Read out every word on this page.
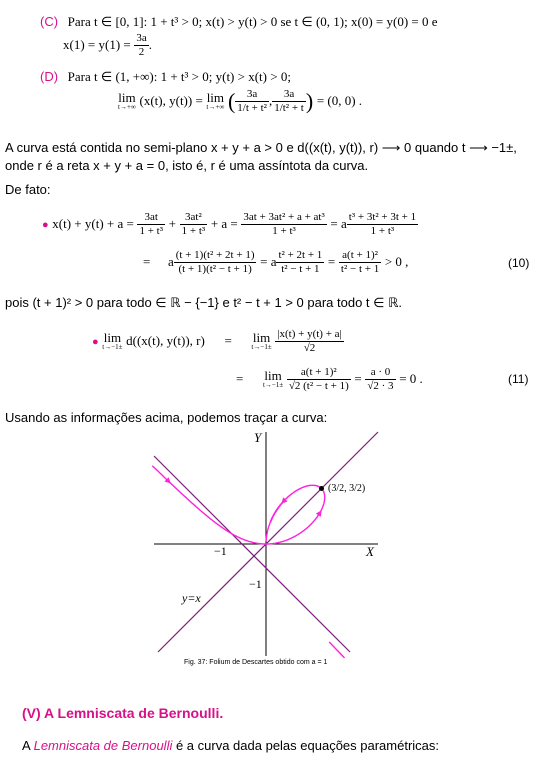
(C) Para t ∈ [0, 1]: 1 + t³ > 0; x(t) > y(t) > 0 se t ∈ (0, 1); x(0) = y(0) = 0 e
$x(1) = y(1) = \frac{3a}{2}$ .
(D) Para t ∈ (1, +∞): 1 + t³ > 0; y(t) > x(t) > 0;
lim
t→+∞ (x(t), y(t)) = lim
t→+∞ ( $\frac{3a}{\text{1/t + t²}}$ , $\frac{3a}{\text{1/t² + t}}$ ) = (0, 0) .
A curva está contida no semi-plano x + y + a > 0 e d((x(t), y(t)), r) ⟶ 0 quando t ⟶ −1±,
onde r é a reta x + y + a = 0, isto é, r é uma assíntota da curva.
De fato:
● $x(t) + y(t) + a = \frac{3at}{\text{1 + t³}} + \frac{\text{3at²}}{\text{1 + t³}} + a = \frac{\text{3at + 3at² + a + at³}}{\text{1 + t³}} = a \frac{\text{t³ + 3t² + 3t + 1}}{\text{1 + t³}}$
= a $\frac{\text{(t + 1)(t² + 2t + 1)}}{\text{(t + 1)(t² − t + 1)}} = a \frac{\text{t² + 2t + 1}}{\text{t² − t + 1}} = \frac{\text{a(t + 1)²}}{\text{t² − t + 1}} > 0$ ,	(10)
pois (t + 1)² > 0 para todo ∈ ℝ − {−1} e t² − t + 1 > 0 para todo t ∈ ℝ.
● lim
t→−1± d((x(t), y(t)), r) = lim
t→−1±
$\frac{|x(t) + y(t) + a|}{√2}$
= lim
t→−1±
$\frac{\text{a(t + 1)²}}{\text{√2 (t² − t + 1)}} = \frac{a \cdot 0}{√2 \cdot 3} = 0$ .	(11)
Usando as informações acima, podemos traçar a curva:
Y
X
−1
−1
y=x
(3/2, 3/2)
Fig. 37: Folium de Descartes obtido com a = 1
(V) A Lemniscata de Bernoulli.
A Lemniscata de Bernoulli é a curva dada pelas equações paramétricas:
